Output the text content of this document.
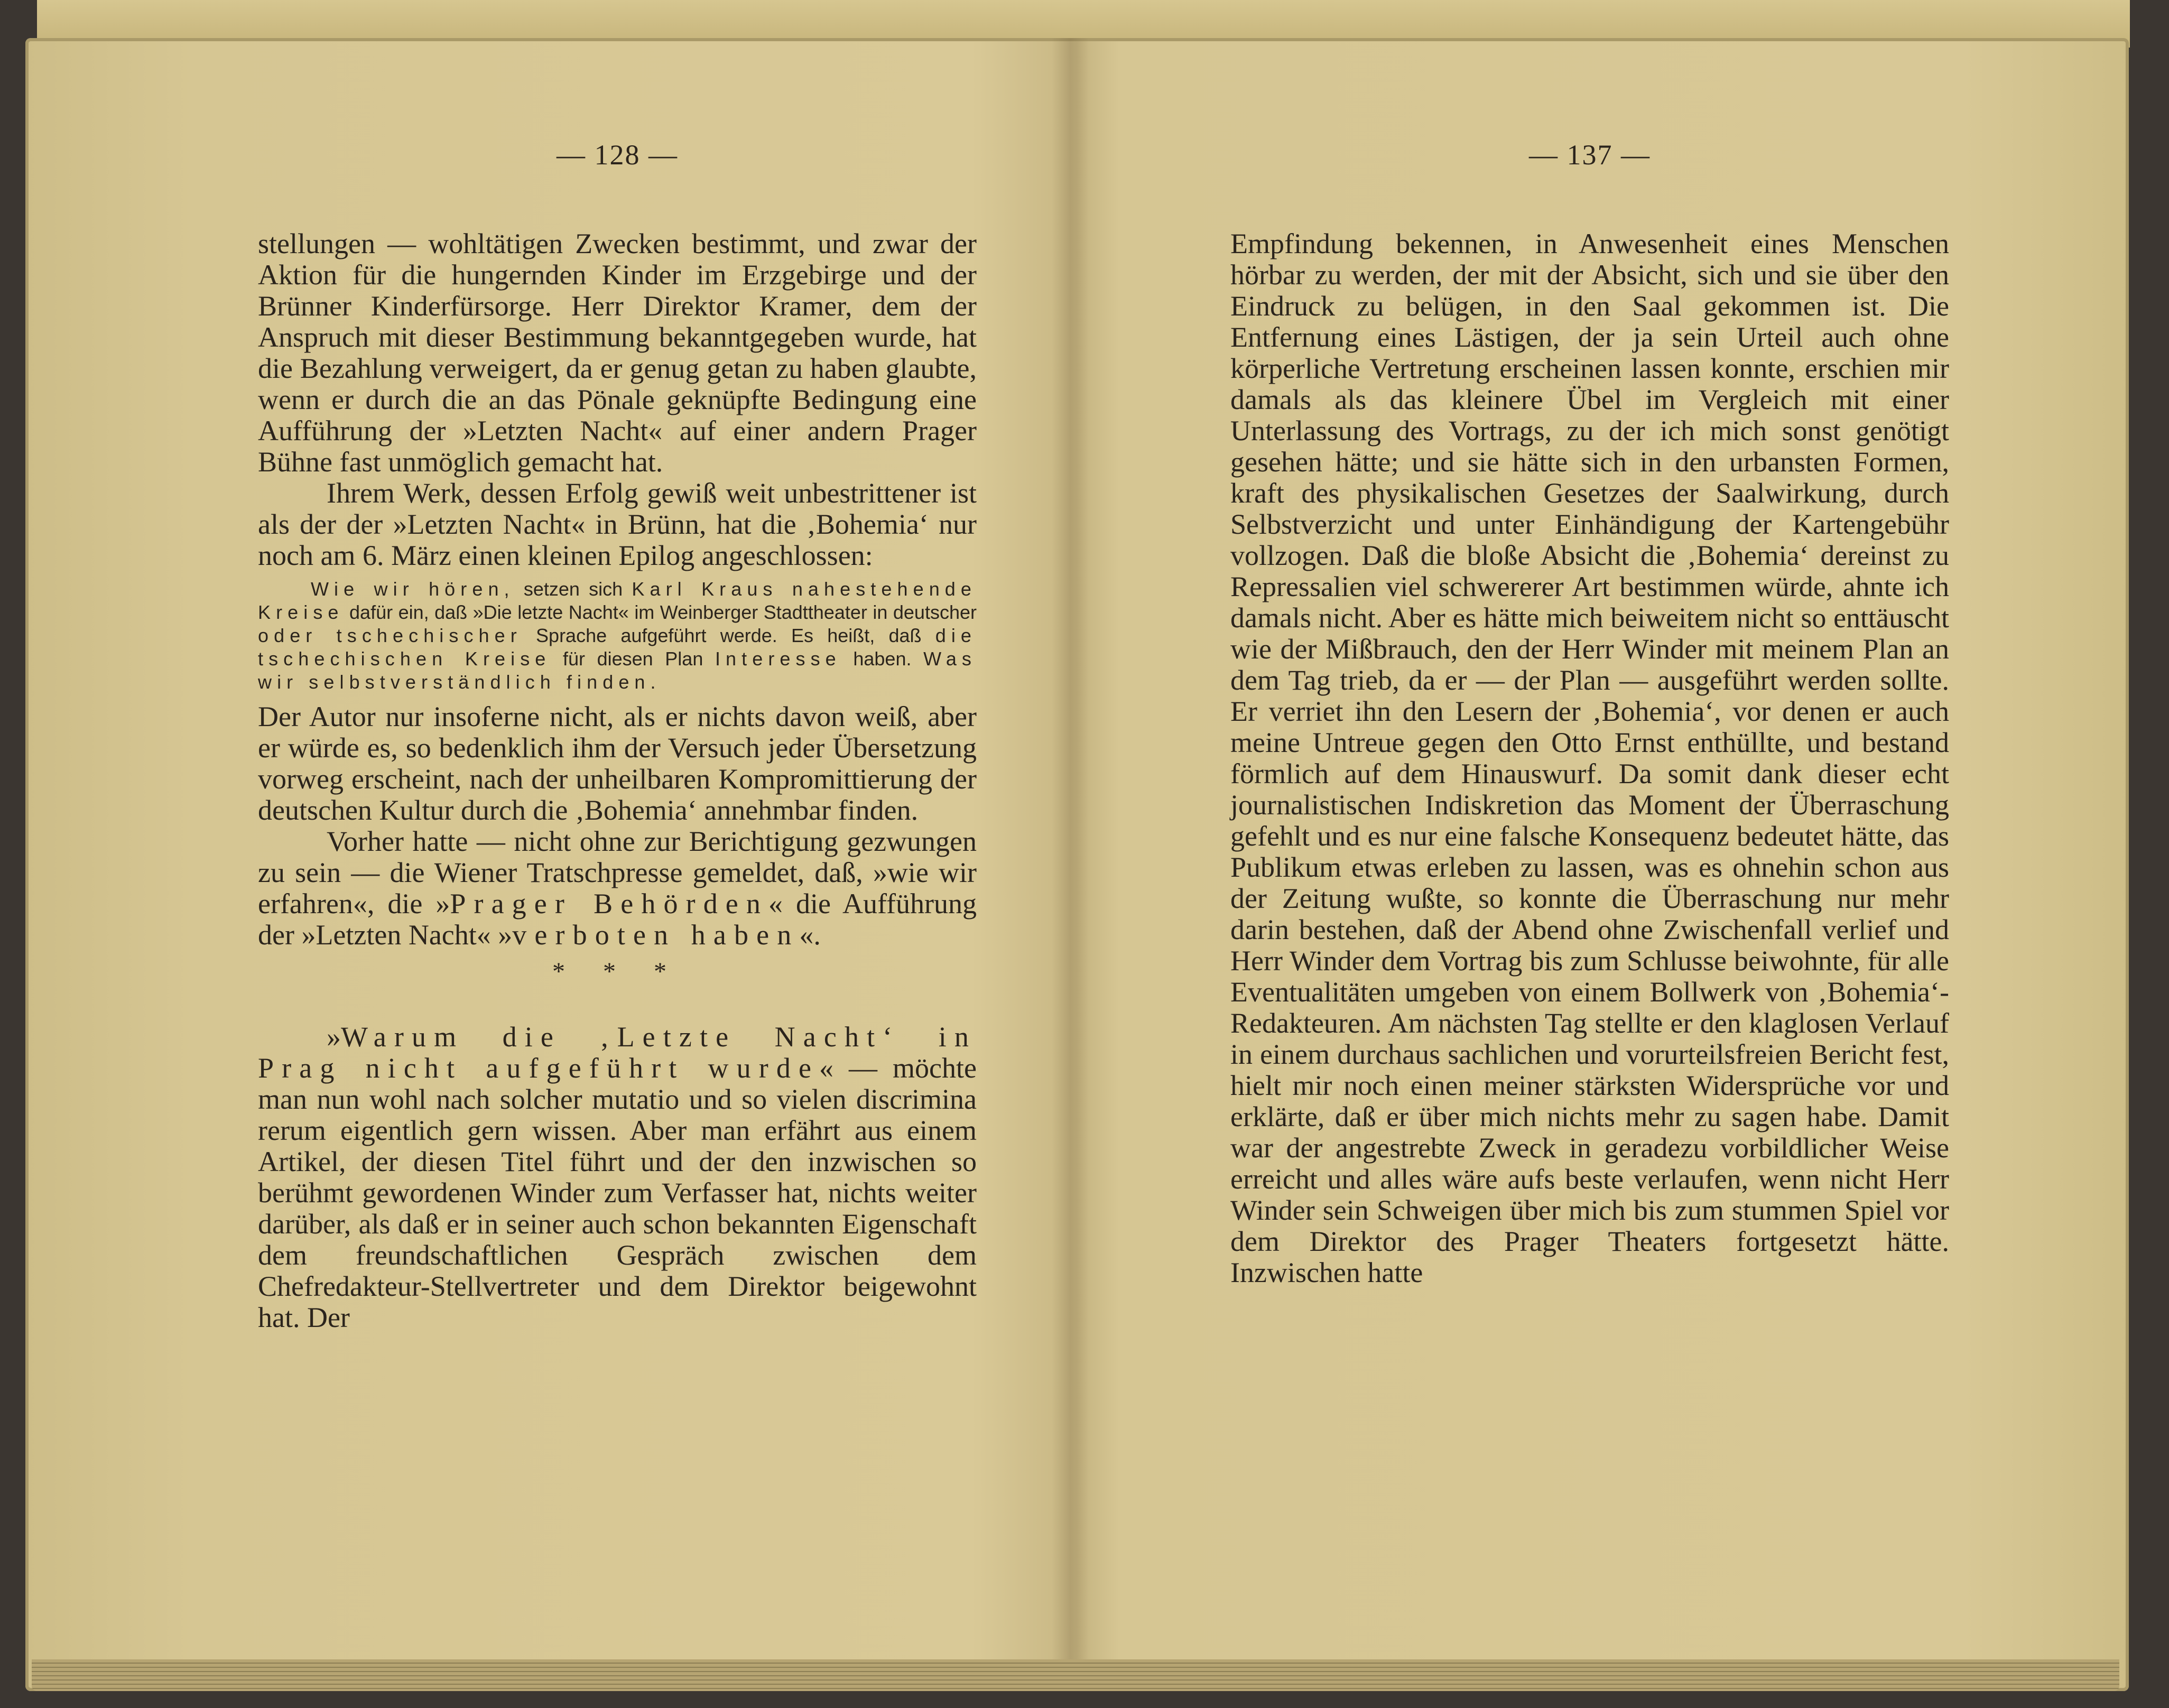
— 128 —

stellungen — wohltätigen Zwecken bestimmt, und zwar der Aktion für die hungernden Kinder im Erzgebirge und der Brünner Kinderfürsorge. Herr Direktor Kramer, dem der Anspruch mit dieser Bestimmung bekanntgegeben wurde, hat die Bezahlung verweigert, da er genug getan zu haben glaubte, wenn er durch die an das Pönale geknüpfte Bedingung eine Aufführung der »Letzten Nacht« auf einer andern Prager Bühne fast unmöglich gemacht hat.

Ihrem Werk, dessen Erfolg gewiß weit unbestrittener ist als der der »Letzten Nacht« in Brünn, hat die ‚Bohemia‘ nur noch am 6. März einen kleinen Epilog angeschlossen:

Wie wir hören, setzen sich Karl Kraus nahestehende Kreise dafür ein, daß »Die letzte Nacht« im Weinberger Stadttheater in deutscher oder tschechischer Sprache aufgeführt werde. Es heißt, daß die tschechischen Kreise für diesen Plan Interesse haben. Was wir selbstverständlich finden.

Der Autor nur insoferne nicht, als er nichts davon weiß, aber er würde es, so bedenklich ihm der Versuch jeder Übersetzung vorweg erscheint, nach der unheilbaren Kompromittierung der deutschen Kultur durch die ‚Bohemia‘ annehmbar finden.

Vorher hatte — nicht ohne zur Berichtigung gezwungen zu sein — die Wiener Tratschpresse gemeldet, daß, »wie wir erfahren«, die »Prager Behörden« die Aufführung der »Letzten Nacht« »verboten haben«.

* * *

»Warum die ‚Letzte Nacht‘ in Prag nicht aufgeführt wurde« — möchte man nun wohl nach solcher mutatio und so vielen discrimina rerum eigentlich gern wissen. Aber man erfährt aus einem Artikel, der diesen Titel führt und der den inzwischen so berühmt gewordenen Winder zum Verfasser hat, nichts weiter darüber, als daß er in seiner auch schon bekannten Eigenschaft dem freundschaftlichen Gespräch zwischen dem Chefredakteur-Stellvertreter und dem Direktor beigewohnt hat. Der

— 137 —

Empfindung bekennen, in Anwesenheit eines Menschen hörbar zu werden, der mit der Absicht, sich und sie über den Eindruck zu belügen, in den Saal gekommen ist. Die Entfernung eines Lästigen, der ja sein Urteil auch ohne körperliche Vertretung erscheinen lassen konnte, erschien mir damals als das kleinere Übel im Vergleich mit einer Unterlassung des Vortrags, zu der ich mich sonst genötigt gesehen hätte; und sie hätte sich in den urbansten Formen, kraft des physikalischen Gesetzes der Saalwirkung, durch Selbstverzicht und unter Einhändigung der Kartengebühr vollzogen. Daß die bloße Absicht die ‚Bohemia‘ dereinst zu Repressalien viel schwererer Art bestimmen würde, ahnte ich damals nicht. Aber es hätte mich beiweitem nicht so enttäuscht wie der Mißbrauch, den der Herr Winder mit meinem Plan an dem Tag trieb, da er — der Plan — ausgeführt werden sollte. Er verriet ihn den Lesern der ‚Bohemia‘, vor denen er auch meine Untreue gegen den Otto Ernst enthüllte, und bestand förmlich auf dem Hinauswurf. Da somit dank dieser echt journalistischen Indiskretion das Moment der Überraschung gefehlt und es nur eine falsche Konsequenz bedeutet hätte, das Publikum etwas erleben zu lassen, was es ohnehin schon aus der Zeitung wußte, so konnte die Überraschung nur mehr darin bestehen, daß der Abend ohne Zwischenfall verlief und Herr Winder dem Vortrag bis zum Schlusse beiwohnte, für alle Eventualitäten umgeben von einem Bollwerk von ‚Bohemia‘-Redakteuren. Am nächsten Tag stellte er den klaglosen Verlauf in einem durchaus sachlichen und vorurteilsfreien Bericht fest, hielt mir noch einen meiner stärksten Widersprüche vor und erklärte, daß er über mich nichts mehr zu sagen habe. Damit war der angestrebte Zweck in geradezu vorbildlicher Weise erreicht und alles wäre aufs beste verlaufen, wenn nicht Herr Winder sein Schweigen über mich bis zum stummen Spiel vor dem Direktor des Prager Theaters fortgesetzt hätte. Inzwischen hatte
